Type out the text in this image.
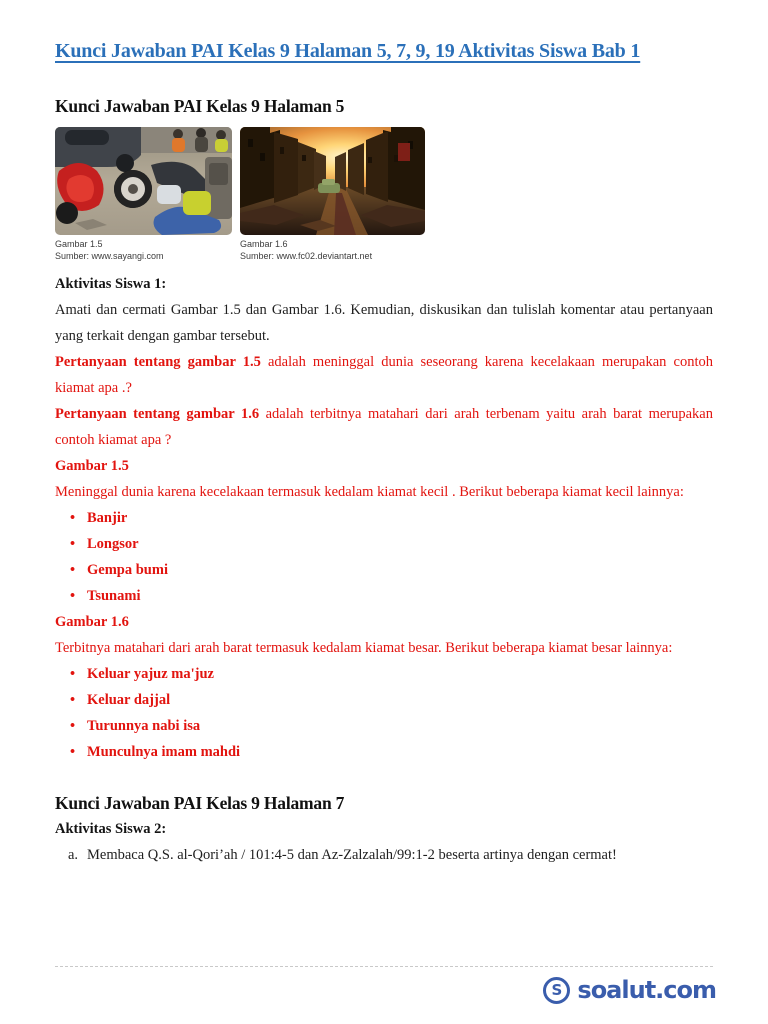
Kunci Jawaban PAI Kelas 9 Halaman 5, 7, 9, 19 Aktivitas Siswa Bab 1
Kunci Jawaban PAI Kelas 9 Halaman 5
Gambar 1.5
Sumber: www.sayangi.com
Gambar 1.6
Sumber: www.fc02.deviantart.net
Aktivitas Siswa 1:

Amati dan cermati Gambar 1.5 dan Gambar 1.6. Kemudian, diskusikan dan tulislah komentar atau pertanyaan yang terkait dengan gambar tersebut.

Pertanyaan tentang gambar 1.5 adalah meninggal dunia seseorang karena kecelakaan merupakan contoh kiamat apa .?

Pertanyaan tentang gambar 1.6 adalah terbitnya matahari dari arah terbenam yaitu arah barat merupakan contoh kiamat apa ?

Gambar 1.5

Meninggal dunia karena kecelakaan termasuk kedalam kiamat kecil . Berikut beberapa kiamat kecil lainnya:

• Banjir
• Longsor
• Gempa bumi
• Tsunami
Gambar 1.6

Terbitnya matahari dari arah barat termasuk kedalam kiamat besar. Berikut beberapa kiamat besar lainnya:

• Keluar yajuz ma'juz
• Keluar dajjal
• Turunnya nabi isa
• Munculnya imam mahdi
Kunci Jawaban PAI Kelas 9 Halaman 7
Aktivitas Siswa 2:
a. Membaca Q.S. al-Qori’ah / 101:4-5 dan Az-Zalzalah/99:1-2 beserta artinya dengan cermat!
S soalut.com
